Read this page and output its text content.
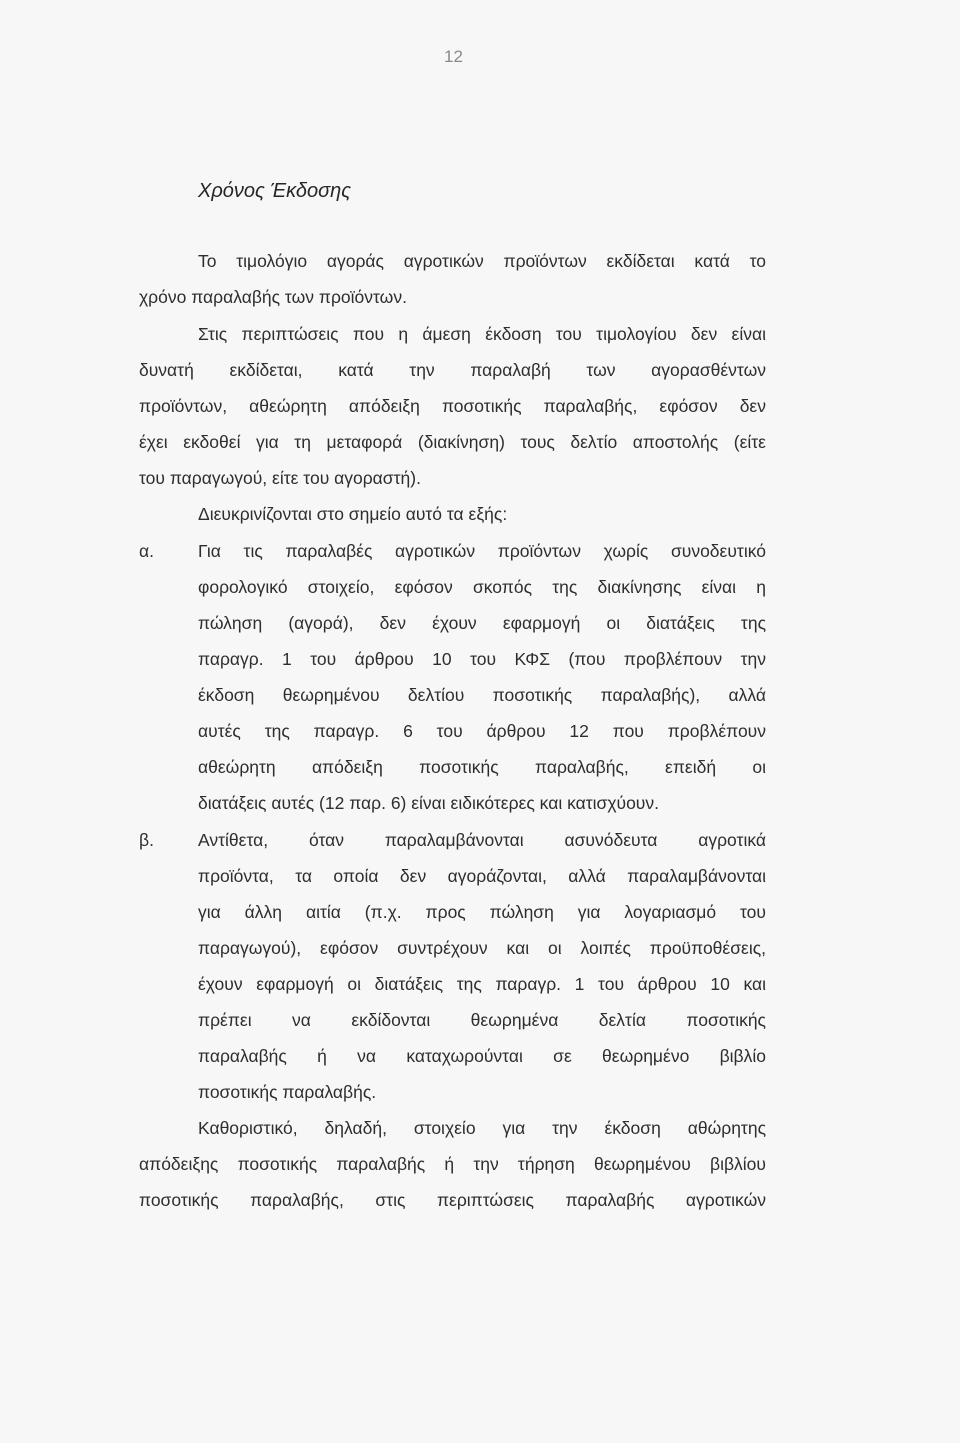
12
Χρόνος Έκδοσης
Το τιμολόγιο αγοράς αγροτικών προϊόντων εκδίδεται κατά το
χρόνο παραλαβής των προϊόντων.
Στις περιπτώσεις που η άμεση έκδοση του τιμολογίου δεν είναι
δυνατή εκδίδεται, κατά την παραλαβή των αγορασθέντων
προϊόντων, αθεώρητη απόδειξη ποσοτικής παραλαβής, εφόσον δεν
έχει εκδοθεί για τη μεταφορά (διακίνηση) τους δελτίο αποστολής (είτε
του παραγωγού, είτε του αγοραστή).
Διευκρινίζονται στο σημείο αυτό τα εξής:
α.	Για τις παραλαβές αγροτικών προϊόντων χωρίς συνοδευτικό
φορολογικό στοιχείο, εφόσον σκοπός της διακίνησης είναι η
πώληση (αγορά), δεν έχουν εφαρμογή οι διατάξεις της
παραγρ. 1 του άρθρου 10 του ΚΦΣ (που προβλέπουν την
έκδοση θεωρημένου δελτίου ποσοτικής παραλαβής), αλλά
αυτές της παραγρ. 6 του άρθρου 12 που προβλέπουν
αθεώρητη απόδειξη ποσοτικής παραλαβής, επειδή οι
διατάξεις αυτές (12 παρ. 6) είναι ειδικότερες και κατισχύουν.
β.	Αντίθετα, όταν παραλαμβάνονται ασυνόδευτα αγροτικά
προϊόντα, τα οποία δεν αγοράζονται, αλλά παραλαμβάνονται
για άλλη αιτία (π.χ. προς πώληση για λογαριασμό του
παραγωγού), εφόσον συντρέχουν και οι λοιπές προϋποθέσεις,
έχουν εφαρμογή οι διατάξεις της παραγρ. 1 του άρθρου 10 και
πρέπει να εκδίδονται θεωρημένα δελτία ποσοτικής
παραλαβής ή να καταχωρούνται σε θεωρημένο βιβλίο
ποσοτικής παραλαβής.
Καθοριστικό, δηλαδή, στοιχείο για την έκδοση αθώρητης
απόδειξης ποσοτικής παραλαβής ή την τήρηση θεωρημένου βιβλίου
ποσοτικής παραλαβής, στις περιπτώσεις παραλαβής αγροτικών
